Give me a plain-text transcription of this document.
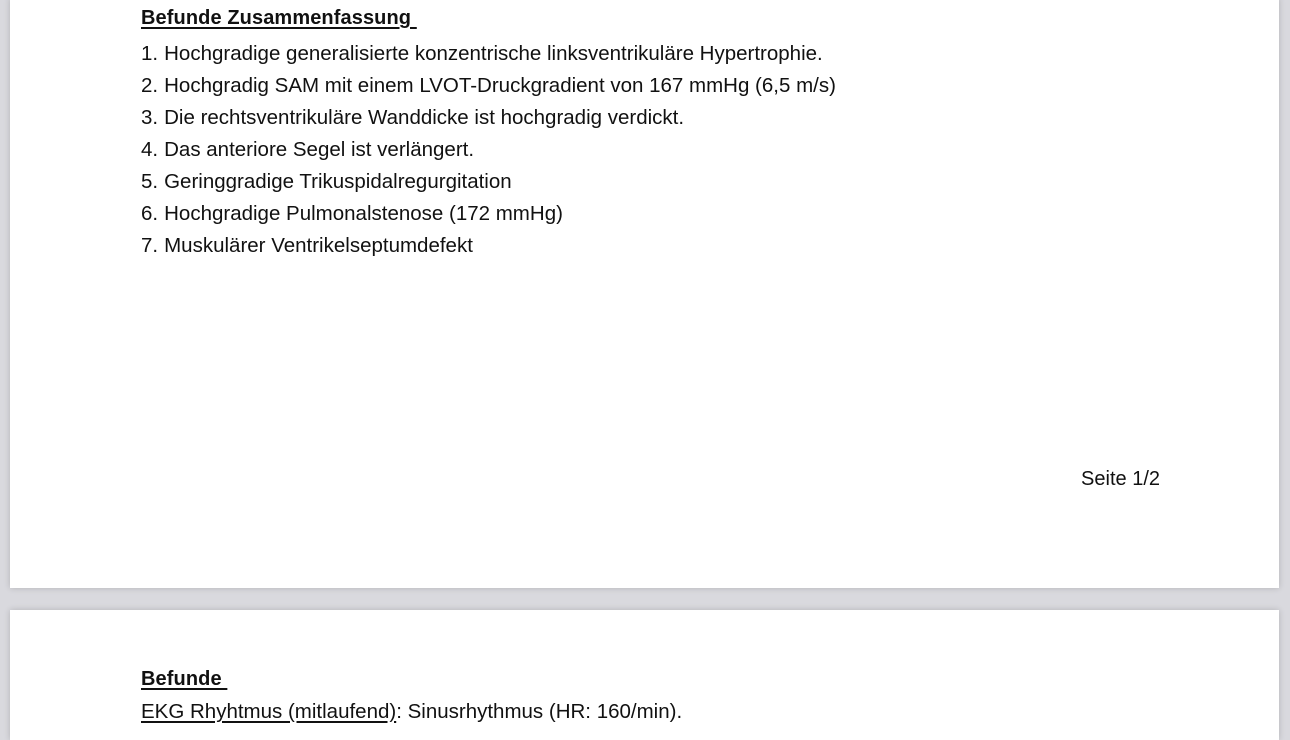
Befunde Zusammenfassung
1. Hochgradige generalisierte konzentrische linksventrikuläre Hypertrophie.
2. Hochgradig SAM mit einem LVOT-Druckgradient von 167 mmHg (6,5 m/s)
3. Die rechtsventrikuläre Wanddicke ist hochgradig verdickt.
4. Das anteriore Segel ist verlängert.
5. Geringgradige Trikuspidalregurgitation
6. Hochgradige Pulmonalstenose (172 mmHg)
7. Muskulärer Ventrikelseptumdefekt
Seite 1/2
Befunde
EKG Rhyhtmus (mitlaufend): Sinusrhythmus (HR: 160/min).
